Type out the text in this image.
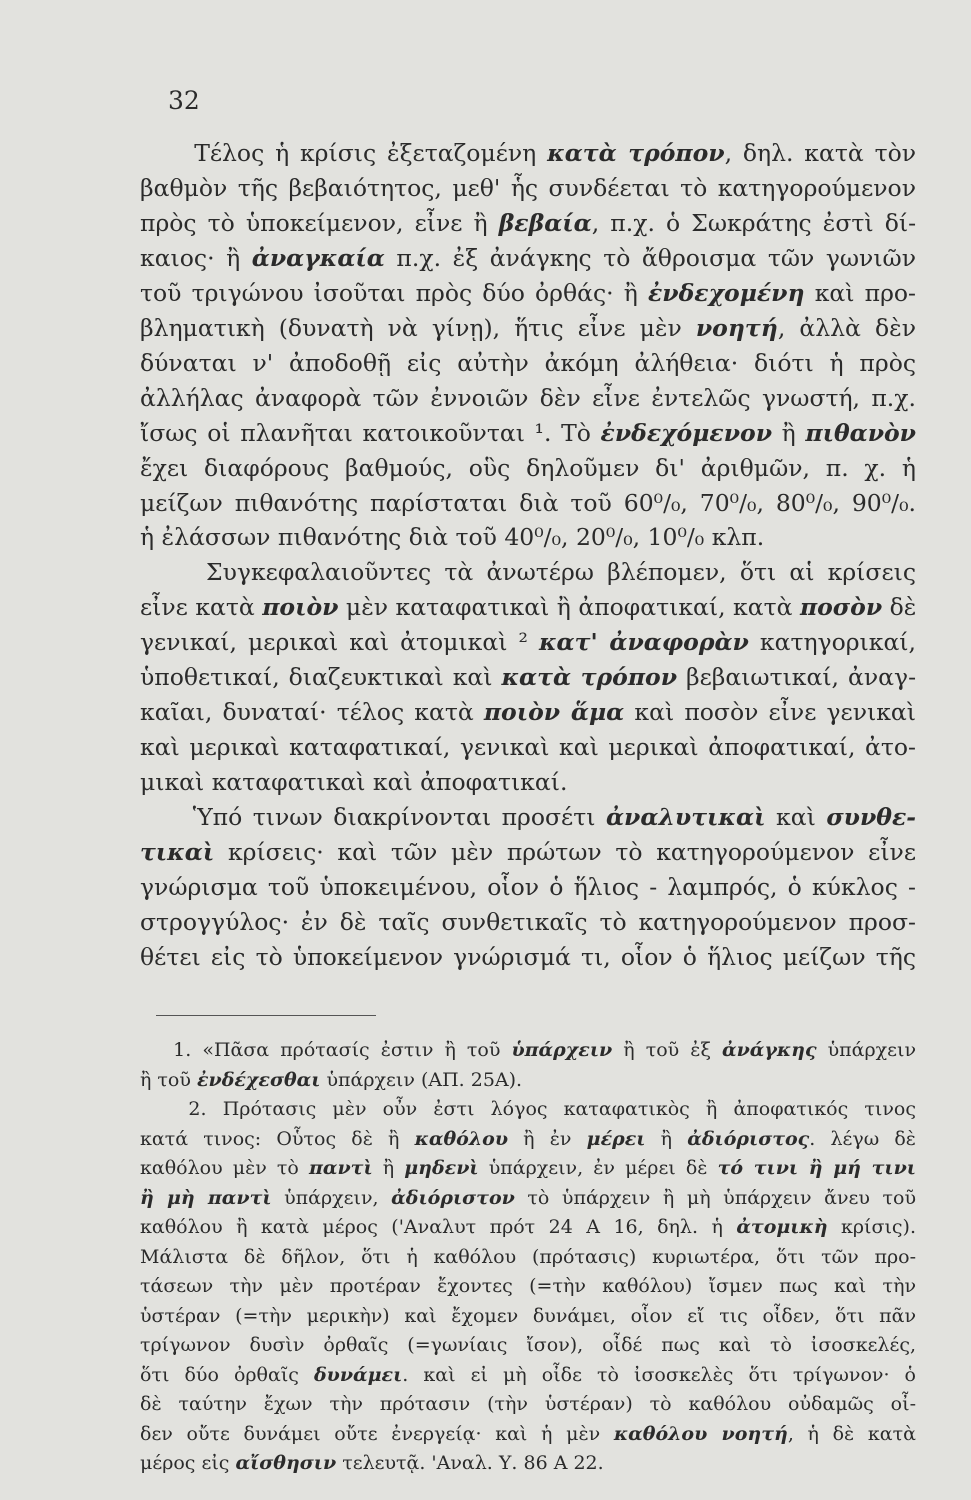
32
Τέλος ἡ κρίσις ἐξεταζομένη κατὰ τρόπον, δηλ. κατὰ τὸν
βαθμὸν τῆς βεβαιότητος, μεθ' ἧς συνδέεται τὸ κατηγορούμενον
πρὸς τὸ ὑποκείμενον, εἶνε ἢ βεβαία, π.χ. ὁ Σωκράτης ἐστὶ δί-
καιος· ἢ ἀναγκαία π.χ. ἐξ ἀνάγκης τὸ ἄθροισμα τῶν γωνιῶν
τοῦ τριγώνου ἰσοῦται πρὸς δύο ὀρθάς· ἢ ἐνδεχομένη καὶ προ-
βληματικὴ (δυνατὴ νὰ γίνῃ), ἥτις εἶνε μὲν νοητή, ἀλλὰ δὲν
δύναται ν' ἀποδοθῇ εἰς αὐτὴν ἀκόμη ἀλήθεια· διότι ἡ πρὸς
ἀλλήλας ἀναφορὰ τῶν ἐννοιῶν δὲν εἶνε ἐντελῶς γνωστή, π.χ.
ἴσως οἱ πλανῆται κατοικοῦνται ¹. Τὸ ἐνδεχόμενον ἢ πιθανὸν
ἔχει διαφόρους βαθμούς, οὓς δηλοῦμεν δι' ἀριθμῶν, π. χ. ἡ
μείζων πιθανότης παρίσταται διὰ τοῦ 60⁰/₀, 70⁰/₀, 80⁰/₀, 90⁰/₀.
ἡ ἐλάσσων πιθανότης διὰ τοῦ 40⁰/₀, 20⁰/₀, 10⁰/₀ κλπ.
Συγκεφαλαιοῦντες τὰ ἀνωτέρω βλέπομεν, ὅτι αἱ κρίσεις
εἶνε κατὰ ποιὸν μὲν καταφατικαὶ ἢ ἀποφατικαί, κατὰ ποσὸν δὲ
γενικαί, μερικαὶ καὶ ἀτομικαὶ ² κατ' ἀναφορὰν κατηγορικαί,
ὑποθετικαί, διαζευκτικαὶ καὶ κατὰ τρόπον βεβαιωτικαί, ἀναγ-
καῖαι, δυναταί· τέλος κατὰ ποιὸν ἅμα καὶ ποσὸν εἶνε γενικαὶ
καὶ μερικαὶ καταφατικαί, γενικαὶ καὶ μερικαὶ ἀποφατικαί, ἀτο-
μικαὶ καταφατικαὶ καὶ ἀποφατικαί.
Ὑπό τινων διακρίνονται προσέτι ἀναλυτικαὶ καὶ συνθε-
τικαὶ κρίσεις· καὶ τῶν μὲν πρώτων τὸ κατηγορούμενον εἶνε
γνώρισμα τοῦ ὑποκειμένου, οἷον ὁ ἥλιος - λαμπρός, ὁ κύκλος -
στρογγύλος· ἐν δὲ ταῖς συνθετικαῖς τὸ κατηγορούμενον προσ-
θέτει εἰς τὸ ὑποκείμενον γνώρισμά τι, οἷον ὁ ἥλιος μείζων τῆς
1. «Πᾶσα πρότασίς ἐστιν ἢ τοῦ ὑπάρχειν ἢ τοῦ ἐξ ἀνάγκης ὑπάρχειν
ἢ τοῦ ἐνδέχεσθαι ὑπάρχειν (ΑΠ. 25Α).
2. Πρότασις μὲν οὖν ἐστι λόγος καταφατικὸς ἢ ἀποφατικός τινος
κατά τινος: Οὗτος δὲ ἢ καθόλου ἢ ἐν μέρει ἢ ἀδιόριστος. λέγω δὲ
καθόλου μὲν τὸ παντὶ ἢ μηδενὶ ὑπάρχειν, ἐν μέρει δὲ τό τινι ἢ μή τινι
ἢ μὴ παντὶ ὑπάρχειν, ἀδιόριστον τὸ ὑπάρχειν ἢ μὴ ὑπάρχειν ἄνευ τοῦ
καθόλου ἢ κατὰ μέρος ('Αναλυτ πρότ 24 Α 16, δηλ. ἡ ἀτομικὴ κρίσις).
Μάλιστα δὲ δῆλον, ὅτι ἡ καθόλου (πρότασις) κυριωτέρα, ὅτι τῶν προ-
τάσεων τὴν μὲν προτέραν ἔχοντες (=τὴν καθόλου) ἴσμεν πως καὶ τὴν
ὑστέραν (=τὴν μερικὴν) καὶ ἔχομεν δυνάμει, οἷον εἴ τις οἶδεν, ὅτι πᾶν
τρίγωνον δυσὶν ὀρθαῖς (=γωνίαις ἴσον), οἶδέ πως καὶ τὸ ἰσοσκελές,
ὅτι δύο ὀρθαῖς δυνάμει. καὶ εἰ μὴ οἶδε τὸ ἰσοσκελὲς ὅτι τρίγωνον· ὁ
δὲ ταύτην ἔχων τὴν πρότασιν (τὴν ὑστέραν) τὸ καθόλου οὐδαμῶς οἶ-
δεν οὔτε δυνάμει οὔτε ἐνεργείᾳ· καὶ ἡ μὲν καθόλου νοητή, ἡ δὲ κατὰ
μέρος εἰς αἴσθησιν τελευτᾷ. 'Αναλ. Υ. 86 Α 22.
